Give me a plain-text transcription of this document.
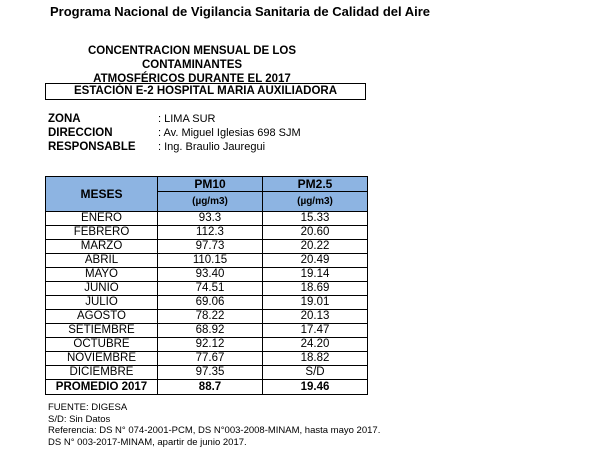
Programa Nacional de Vigilancia Sanitaria de Calidad del Aire
CONCENTRACION MENSUAL DE LOS CONTAMINANTES
ATMOSFÉRICOS DURANTE EL 2017
ESTACIÓN E-2 HOSPITAL MARIA AUXILIADORA
ZONA	: LIMA SUR
DIRECCION	: Av. Miguel Iglesias 698 SJM
RESPONSABLE	: Ing. Braulio Jauregui
MESES	PM10	PM2.5
	(µg/m3)	(µg/m3)
ENERO	93.3	15.33
FEBRERO	112.3	20.60
MARZO	97.73	20.22
ABRIL	110.15	20.49
MAYO	93.40	19.14
JUNIO	74.51	18.69
JULIO	69.06	19.01
AGOSTO	78.22	20.13
SETIEMBRE	68.92	17.47
OCTUBRE	92.12	24.20
NOVIEMBRE	77.67	18.82
DICIEMBRE	97.35	S/D
PROMEDIO 2017	88.7	19.46
FUENTE: DIGESA
S/D: Sin Datos
Referencia: DS N° 074-2001-PCM, DS N°003-2008-MINAM, hasta mayo 2017.
DS N° 003-2017-MINAM, apartir de junio 2017.
